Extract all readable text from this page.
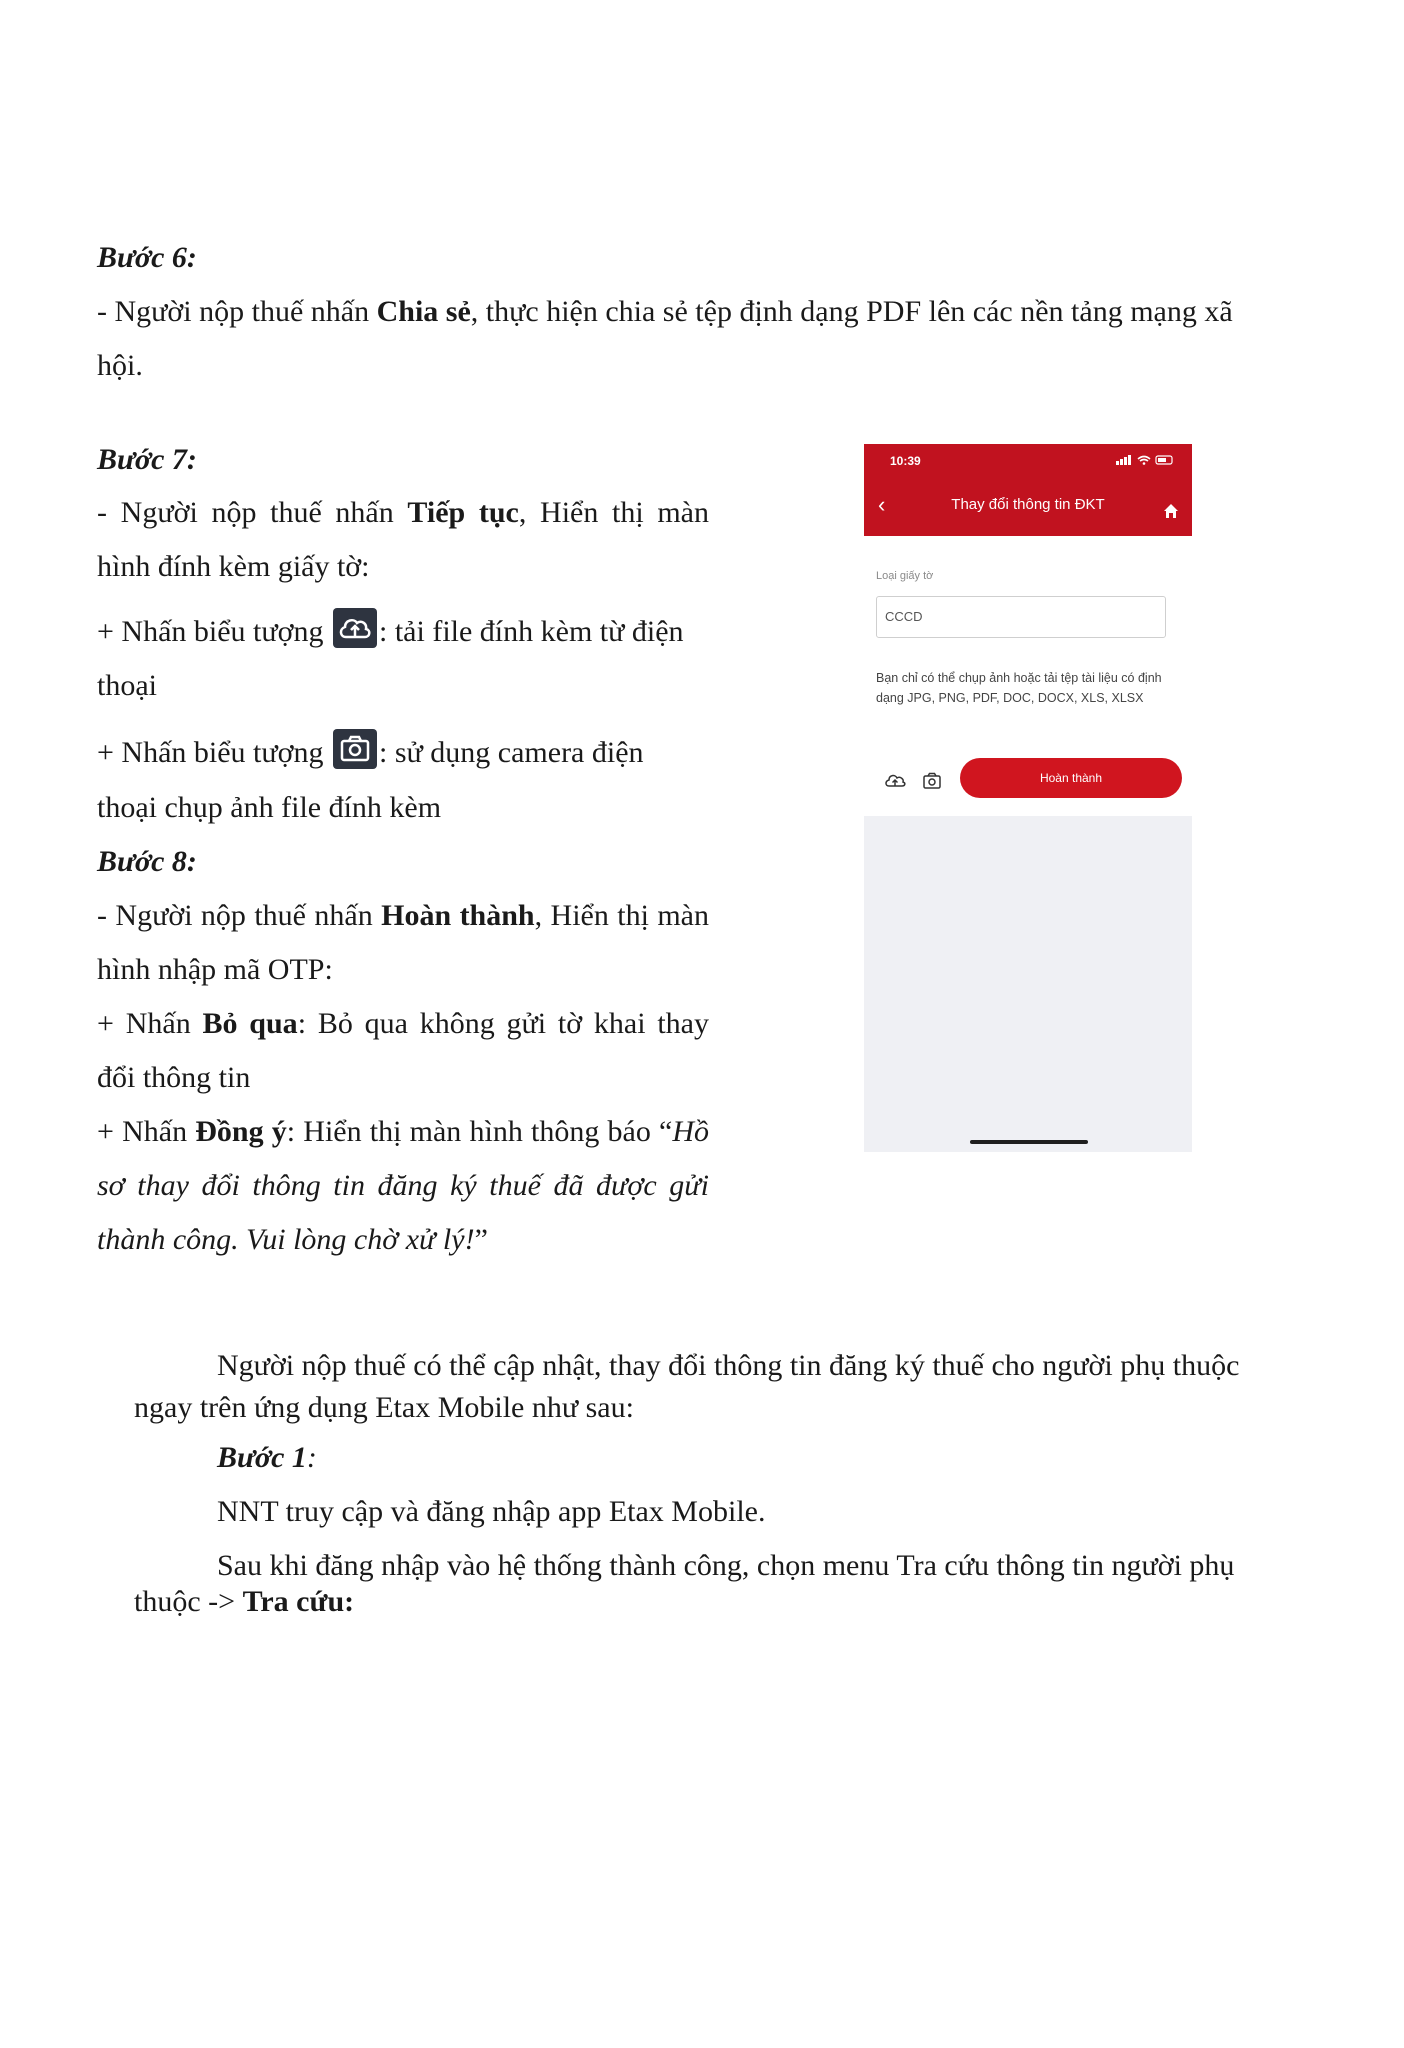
Bước 6:
- Người nộp thuế nhấn Chia sẻ, thực hiện chia sẻ tệp định dạng PDF lên các nền tảng mạng xã
hội.
Bước 7:
- Người nộp thuế nhấn Tiếp tục, Hiển thị màn
hình đính kèm giấy tờ:
+ Nhấn biểu tượng : tải file đính kèm từ điện
thoại
+ Nhấn biểu tượng : sử dụng camera điện
thoại chụp ảnh file đính kèm
Bước 8:
- Người nộp thuế nhấn Hoàn thành, Hiển thị màn
hình nhập mã OTP:
+ Nhấn Bỏ qua: Bỏ qua không gửi tờ khai thay
đổi thông tin
+ Nhấn Đồng ý: Hiển thị màn hình thông báo “Hồ
sơ thay đổi thông tin đăng ký thuế đã được gửi
thành công. Vui lòng chờ xử lý!”
Người nộp thuế có thể cập nhật, thay đổi thông tin đăng ký thuế cho người phụ thuộc
ngay trên ứng dụng Etax Mobile như sau:
Bước 1:
NNT truy cập và đăng nhập app Etax Mobile.
Sau khi đăng nhập vào hệ thống thành công, chọn menu Tra cứu thông tin người phụ
thuộc -> Tra cứu:
10:39
‹	Thay đổi thông tin ĐKT
Loại giấy tờ
CCCD
Bạn chỉ có thể chụp ảnh hoặc tải tệp tài liệu có định dạng JPG, PNG, PDF, DOC, DOCX, XLS, XLSX
Hoàn thành
